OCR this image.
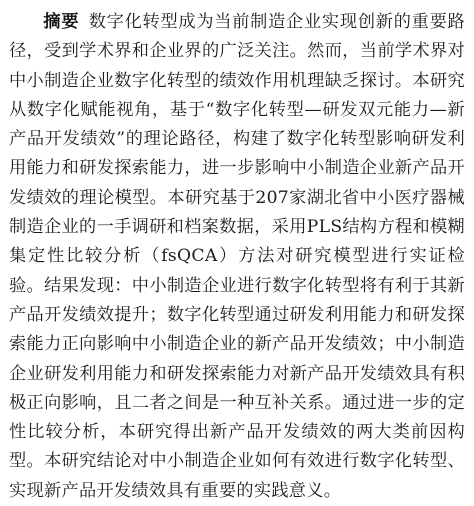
摘要 数字化转型成为当前制造企业实现创新的重要路径，受到学术界和企业界的广泛关注。然而，当前学术界对中小制造企业数字化转型的绩效作用机理缺乏探讨。本研究从数字化赋能视角，基于“数字化转型—研发双元能力—新产品开发绩效”的理论路径，构建了数字化转型影响研发利用能力和研发探索能力，进一步影响中小制造企业新产品开发绩效的理论模型。本研究基于207家湖北省中小医疗器械制造企业的一手调研和档案数据，采用PLS结构方程和模糊集定性比较分析（fsQCA）方法对研究模型进行实证检验。结果发现：中小制造企业进行数字化转型将有利于其新产品开发绩效提升；数字化转型通过研发利用能力和研发探索能力正向影响中小制造企业的新产品开发绩效；中小制造企业研发利用能力和研发探索能力对新产品开发绩效具有积极正向影响，且二者之间是一种互补关系。通过进一步的定性比较分析，本研究得出新产品开发绩效的两大类前因构型。本研究结论对中小制造企业如何有效进行数字化转型、实现新产品开发绩效具有重要的实践意义。
